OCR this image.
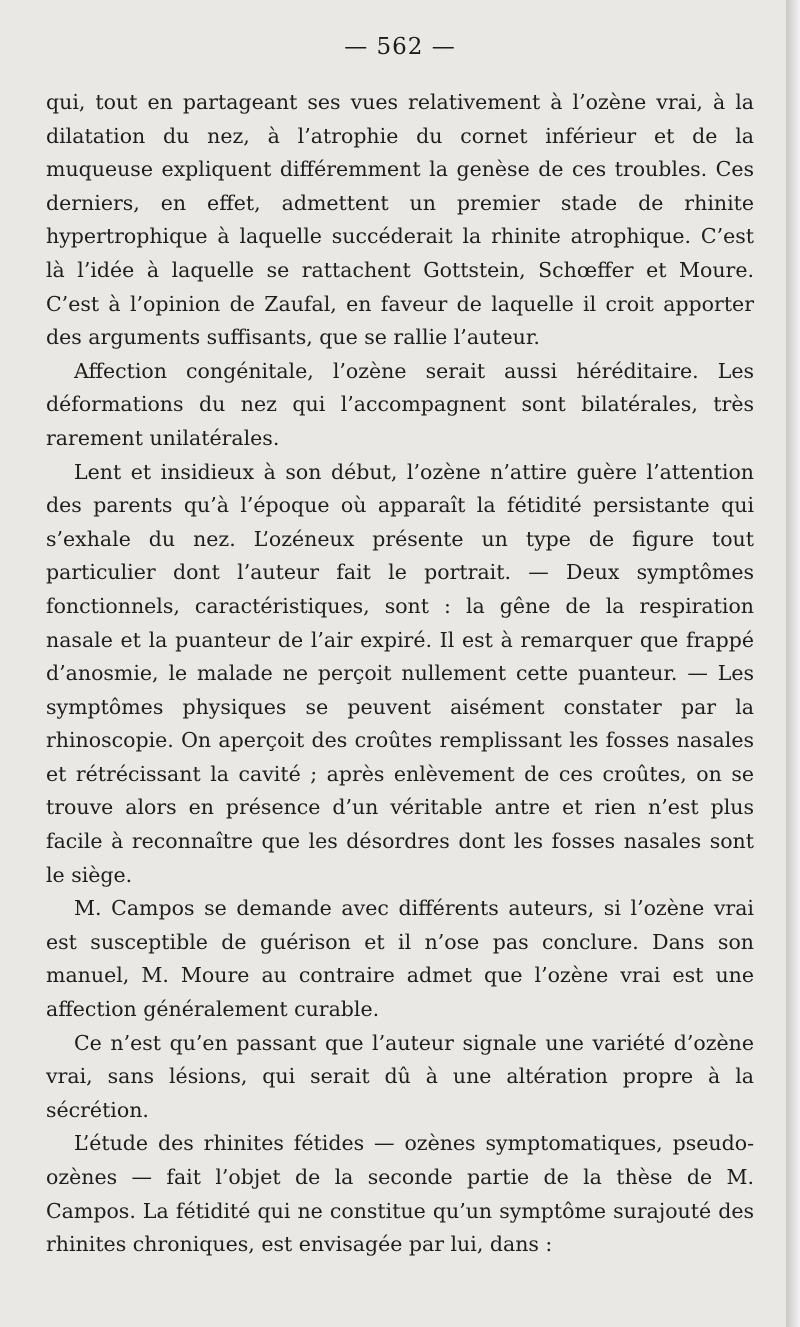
— 562 —

qui, tout en partageant ses vues relativement à l’ozène vrai, à la dilatation du nez, à l’atrophie du cornet inférieur et de la muqueuse expliquent différemment la genèse de ces troubles. Ces derniers, en effet, admettent un premier stade de rhinite hypertrophique à laquelle succéderait la rhinite atrophique. C’est là l’idée à laquelle se rattachent Gottstein, Schœffer et Moure. C’est à l’opinion de Zaufal, en faveur de laquelle il croit apporter des arguments suffisants, que se rallie l’auteur.

Affection congénitale, l’ozène serait aussi héréditaire. Les déformations du nez qui l’accompagnent sont bilatérales, très rarement unilatérales.

Lent et insidieux à son début, l’ozène n’attire guère l’attention des parents qu’à l’époque où apparaît la fétidité persistante qui s’exhale du nez. L’ozéneux présente un type de figure tout particulier dont l’auteur fait le portrait. — Deux symptômes fonctionnels, caractéristiques, sont : la gêne de la respiration nasale et la puanteur de l’air expiré. Il est à remarquer que frappé d’anosmie, le malade ne perçoit nullement cette puanteur. — Les symptômes physiques se peuvent aisément constater par la rhinoscopie. On aperçoit des croûtes remplissant les fosses nasales et rétrécissant la cavité ; après enlèvement de ces croûtes, on se trouve alors en présence d’un véritable antre et rien n’est plus facile à reconnaître que les désordres dont les fosses nasales sont le siège.

M. Campos se demande avec différents auteurs, si l’ozène vrai est susceptible de guérison et il n’ose pas conclure. Dans son manuel, M. Moure au contraire admet que l’ozène vrai est une affection généralement curable.

Ce n’est qu’en passant que l’auteur signale une variété d’ozène vrai, sans lésions, qui serait dû à une altération propre à la sécrétion.

L’étude des rhinites fétides — ozènes symptomatiques, pseudo-ozènes — fait l’objet de la seconde partie de la thèse de M. Campos. La fétidité qui ne constitue qu’un symptôme surajouté des rhinites chroniques, est envisagée par lui, dans :
